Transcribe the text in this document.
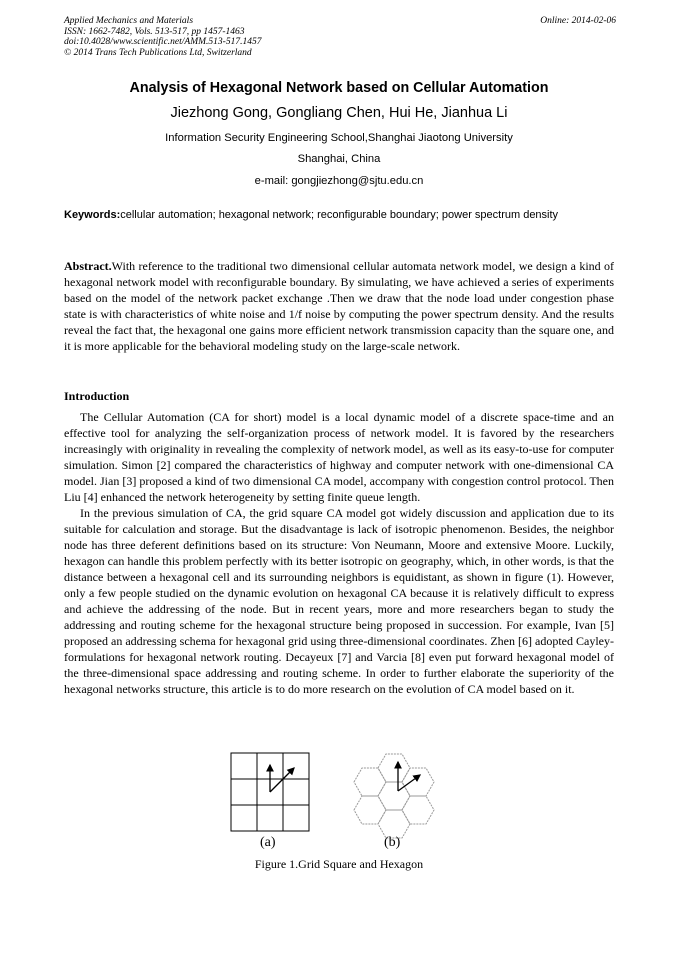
Applied Mechanics and Materials
ISSN: 1662-7482, Vols. 513-517, pp 1457-1463
doi:10.4028/www.scientific.net/AMM.513-517.1457
© 2014 Trans Tech Publications Ltd, Switzerland
Online: 2014-02-06
Analysis of Hexagonal Network based on Cellular Automation
Jiezhong Gong, Gongliang Chen, Hui He, Jianhua Li
Information Security Engineering School,Shanghai Jiaotong University
Shanghai, China
e-mail: gongjiezhong@sjtu.edu.cn
Keywords:cellular automation; hexagonal network; reconfigurable boundary; power spectrum density
Abstract.With reference to the traditional two dimensional cellular automata network model, we design a kind of hexagonal network model with reconfigurable boundary. By simulating, we have achieved a series of experiments based on the model of the network packet exchange .Then we draw that the node load under congestion phase state is with characteristics of white noise and 1/f noise by computing the power spectrum density. And the results reveal the fact that, the hexagonal one gains more efficient network transmission capacity than the square one, and it is more applicable for the behavioral modeling study on the large-scale network.
Introduction

The Cellular Automation (CA for short) model is a local dynamic model of a discrete space-time and an effective tool for analyzing the self-organization process of network model. It is favored by the researchers increasingly with originality in revealing the complexity of network model, as well as its easy-to-use for computer simulation. Simon [2] compared the characteristics of highway and computer network with one-dimensional CA model. Jian [3] proposed a kind of two dimensional CA model, accompany with congestion control protocol. Then Liu [4] enhanced the network heterogeneity by setting finite queue length.

In the previous simulation of CA, the grid square CA model got widely discussion and application due to its suitable for calculation and storage. But the disadvantage is lack of isotropic phenomenon. Besides, the neighbor node has three deferent definitions based on its structure: Von Neumann, Moore and extensive Moore. Luckily, hexagon can handle this problem perfectly with its better isotropic on geography, which, in other words, is that the distance between a hexagonal cell and its surrounding neighbors is equidistant, as shown in figure (1). However, only a few people studied on the dynamic evolution on hexagonal CA because it is relatively difficult to express and achieve the addressing of the node. But in recent years, more and more researchers began to study the addressing and routing scheme for the hexagonal structure being proposed in succession. For example, Ivan [5] proposed an addressing schema for hexagonal grid using three-dimensional coordinates. Zhen [6] adopted Cayley-formulations for hexagonal network routing. Decayeux [7] and Varcia [8] even put forward hexagonal model of the three-dimensional space addressing and routing scheme. In order to further elaborate the superiority of the hexagonal networks structure, this article is to do more research on the evolution of CA model based on it.

(a)	(b)
Figure 1.Grid Square and Hexagon
